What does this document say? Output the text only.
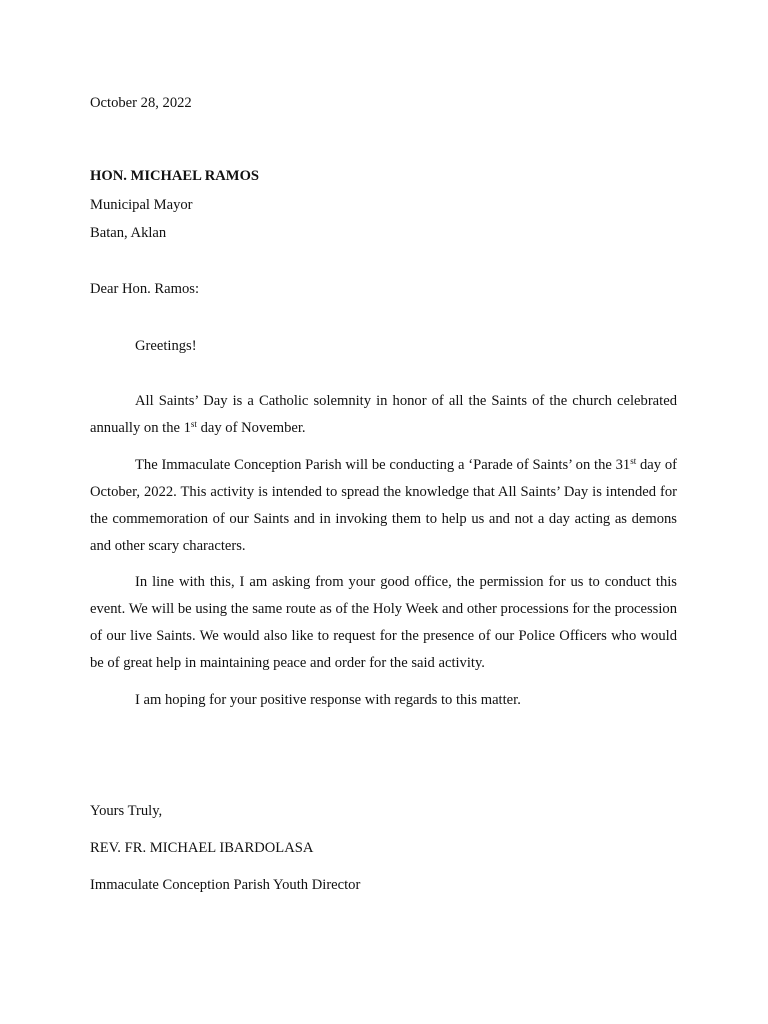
October 28, 2022
HON. MICHAEL RAMOS
Municipal Mayor
Batan, Aklan
Dear Hon. Ramos:
Greetings!

All Saints’ Day is a Catholic solemnity in honor of all the Saints of the church celebrated annually on the 1st day of November.

The Immaculate Conception Parish will be conducting a ‘Parade of Saints’ on the 31st day of October, 2022. This activity is intended to spread the knowledge that All Saints’ Day is intended for the commemoration of our Saints and in invoking them to help us and not a day acting as demons and other scary characters.

In line with this, I am asking from your good office, the permission for us to conduct this event. We will be using the same route as of the Holy Week and other processions for the procession of our live Saints. We would also like to request for the presence of our Police Officers who would be of great help in maintaining peace and order for the said activity.

I am hoping for your positive response with regards to this matter.
Yours Truly,
REV. FR. MICHAEL IBARDOLASA
Immaculate Conception Parish Youth Director
